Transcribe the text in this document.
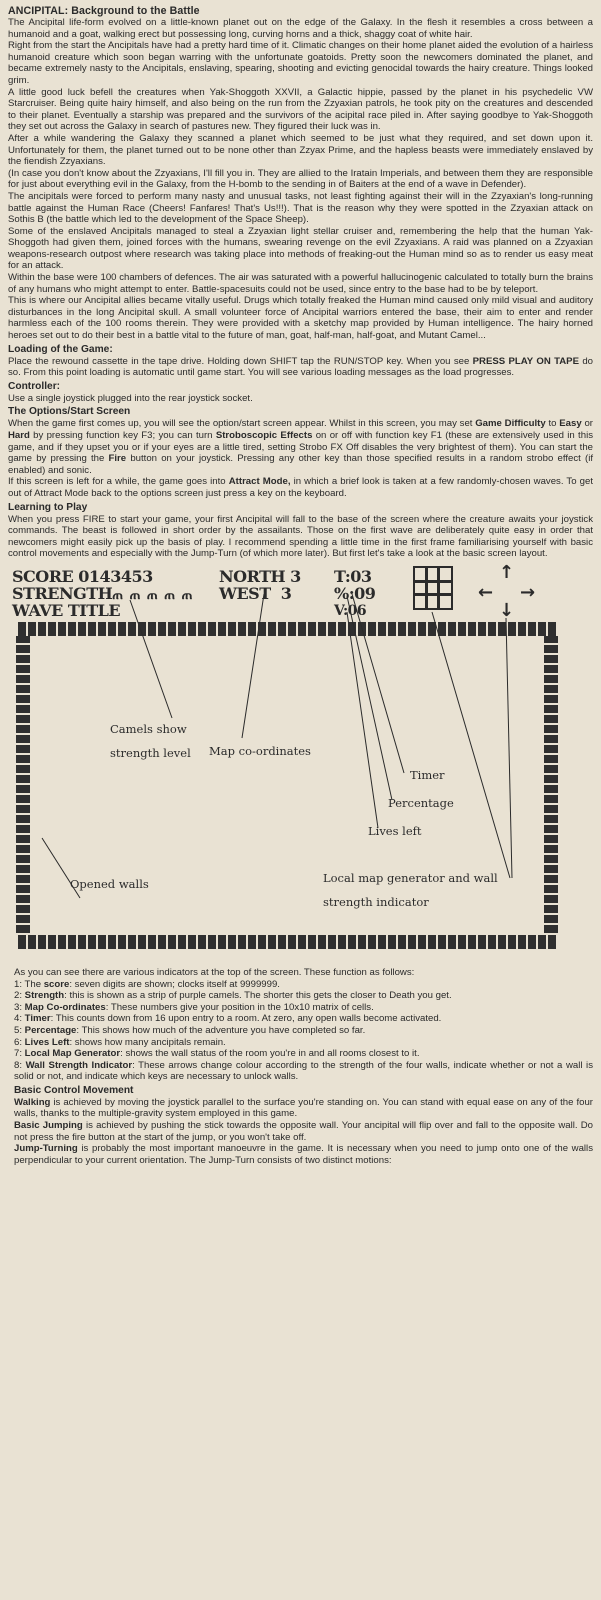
ANCIPITAL: Background to the Battle

The Ancipital life-form evolved on a little-known planet out on the edge of the Galaxy. In the flesh it resembles a cross between a humanoid and a goat, walking erect but possessing long, curving horns and a thick, shaggy coat of white hair.

Right from the start the Ancipitals have had a pretty hard time of it. Climatic changes on their home planet aided the evolution of a hairless humanoid creature which soon began warring with the unfortunate goatoids. Pretty soon the newcomers dominated the planet, and became extremely nasty to the Ancipitals, enslaving, spearing, shooting and evicting genocidal towards the hairy creature. Things looked grim.

A little good luck befell the creatures when Yak-Shoggoth XXVII, a Galactic hippie, passed by the planet in his psychedelic VW Starcruiser. Being quite hairy himself, and also being on the run from the Zzyaxian patrols, he took pity on the creatures and descended to their planet. Eventually a starship was prepared and the survivors of the acipital race piled in. After saying goodbye to Yak-Shoggoth they set out across the Galaxy in search of pastures new. They figured their luck was in.

After a while wandering the Galaxy they scanned a planet which seemed to be just what they required, and set down upon it. Unfortunately for them, the planet turned out to be none other than Zzyax Prime, and the hapless beasts were immediately enslaved by the fiendish Zzyaxians.

(In case you don't know about the Zzyaxians, I'll fill you in. They are allied to the Iratain Imperials, and between them they are responsible for just about everything evil in the Galaxy, from the H-bomb to the sending in of Baiters at the end of a wave in Defender).

The ancipitals were forced to perform many nasty and unusual tasks, not least fighting against their will in the Zzyaxian's long-running battle against the Human Race (Cheers! Fanfares! That's Us!!!). That is the reason why they were spotted in the Zzyaxian attack on Sothis B (the battle which led to the development of the Space Sheep).

Some of the enslaved Ancipitals managed to steal a Zzyaxian light stellar cruiser and, remembering the help that the human Yak-Shoggoth had given them, joined forces with the humans, swearing revenge on the evil Zzyaxians. A raid was planned on a Zzyaxian weapons-research outpost where research was taking place into methods of freaking-out the Human mind so as to render us easy meat for an attack.

Within the base were 100 chambers of defences. The air was saturated with a powerful hallucinogenic calculated to totally burn the brains of any humans who might attempt to enter. Battle-spacesuits could not be used, since entry to the base had to be by teleport.

This is where our Ancipital allies became vitally useful. Drugs which totally freaked the Human mind caused only mild visual and auditory disturbances in the long Ancipital skull. A small volunteer force of Ancipital warriors entered the base, their aim to enter and render harmless each of the 100 rooms therein. They were provided with a sketchy map provided by Human intelligence. The hairy horned heroes set out to do their best in a battle vital to the future of man, goat, half-man, half-goat, and Mutant Camel...

Loading of the Game:

Place the rewound cassette in the tape drive. Holding down SHIFT tap the RUN/STOP key. When you see PRESS PLAY ON TAPE do so. From this point loading is automatic until game start. You will see various loading messages as the load progresses.

Controller:

Use a single joystick plugged into the rear joystick socket.

The Options/Start Screen

When the game first comes up, you will see the option/start screen appear. Whilst in this screen, you may set Game Difficulty to Easy or Hard by pressing function key F3; you can turn Stroboscopic Effects on or off with function key F1 (these are extensively used in this game, and if they upset you or if your eyes are a little tired, setting Strobo FX Off disables the very brightest of them). You can start the game by pressing the Fire button on your joystick. Pressing any other key than those specified results in a random strobo effect (if enabled) and sonic.

If this screen is left for a while, the game goes into Attract Mode, in which a brief look is taken at a few randomly-chosen waves. To get out of Attract Mode back to the options screen just press a key on the keyboard.

Learning to Play

When you press FIRE to start your game, your first Ancipital will fall to the base of the screen where the creature awaits your joystick commands. The beast is followed in short order by the assailants. Those on the first wave are deliberately quite easy in order that newcomers might easily pick up the basis of play. I recommend spending a little time in the first frame familiarising yourself with basic control movements and especially with the Jump-Turn (of which more later). But first let's take a look at the basic screen layout.

SCORE 0143453
STRENGTHጠ ጠ ጠ ጠ ጠ
WAVE TITLE
NORTH 3
WEST  3
T:03
%:09
V:06
↑
← →
↓
Camels show
strength level Map co-ordinates
Timer
Percentage
Lives left
Opened walls	Local map generator and wall
strength indicator

As you can see there are various indicators at the top of the screen. These function as follows:

1: The score: seven digits are shown; clocks itself at 9999999.
2: Strength: this is shown as a strip of purple camels. The shorter this gets the closer to Death you get.
3: Map Co-ordinates: These numbers give your position in the 10x10 matrix of cells.
4: Timer: This counts down from 16 upon entry to a room. At zero, any open walls become activated.
5: Percentage: This shows how much of the adventure you have completed so far.
6: Lives Left: shows how many ancipitals remain.
7: Local Map Generator: shows the wall status of the room you're in and all rooms closest to it.
8: Wall Strength Indicator: These arrows change colour according to the strength of the four walls, indicate whether or not a wall is solid or not, and indicate which keys are necessary to unlock walls.
Basic Control Movement

Walking is achieved by moving the joystick parallel to the surface you're standing on. You can stand with equal ease on any of the four walls, thanks to the multiple-gravity system employed in this game.

Basic Jumping is achieved by pushing the stick towards the opposite wall. Your ancipital will flip over and fall to the opposite wall. Do not press the fire button at the start of the jump, or you won't take off.

Jump-Turning is probably the most important manoeuvre in the game. It is necessary when you need to jump onto one of the walls perpendicular to your current orientation. The Jump-Turn consists of two distinct motions:
